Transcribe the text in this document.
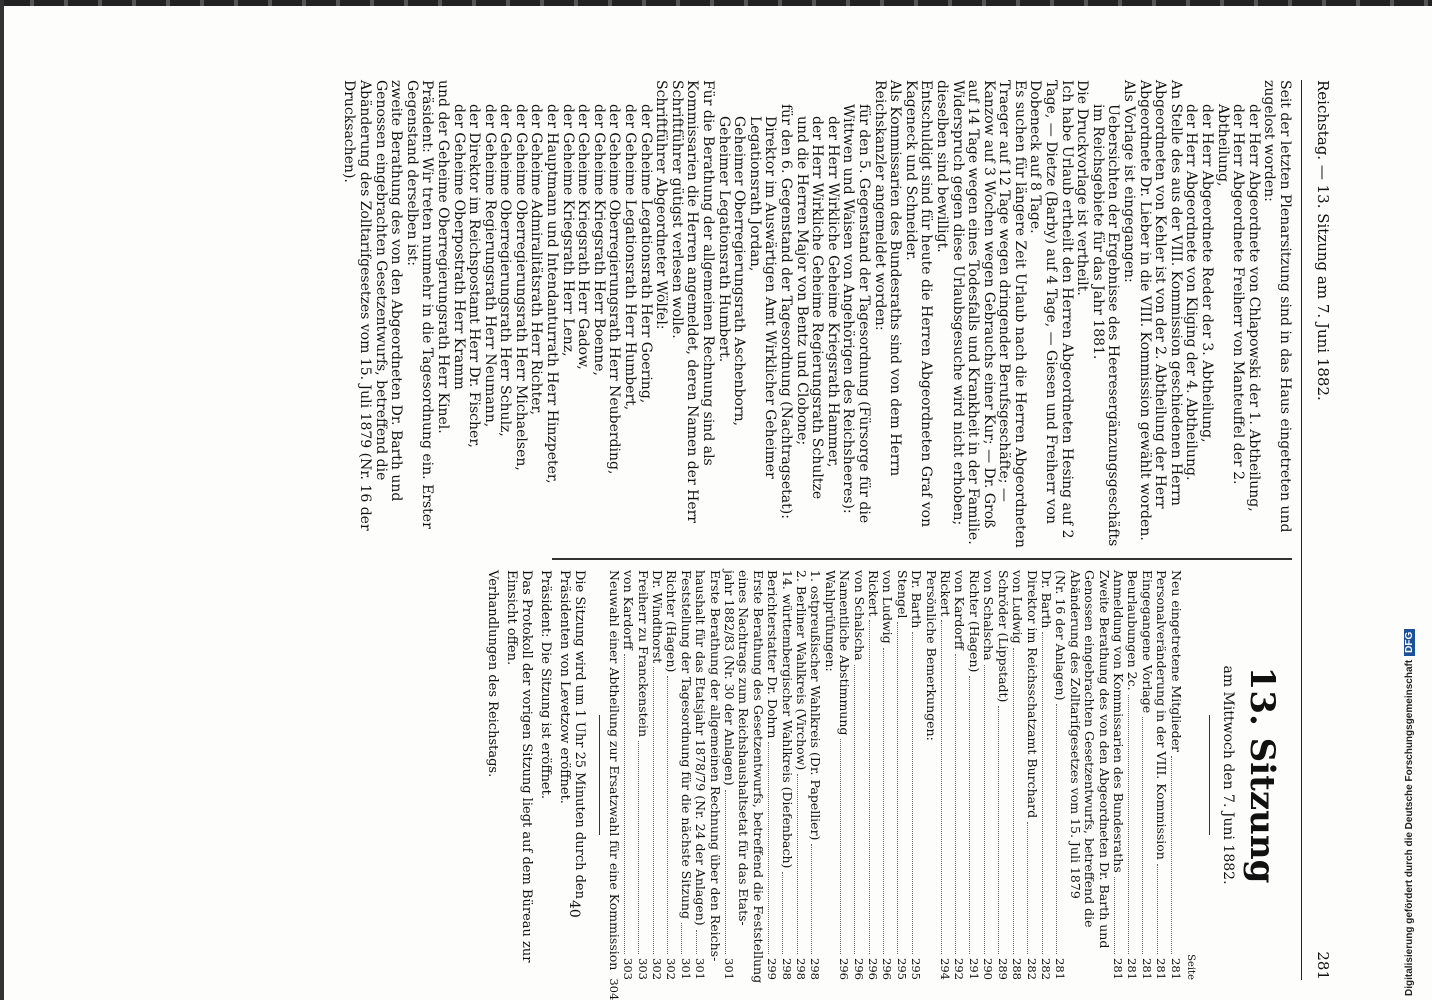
Reichstag. — 13. Sitzung am 7. Juni 1882.
281

Seit der letzten Plenarsitzung sind in das Haus eingetreten und zugelost worden:

der Herr Abgeordnete von Chlapowski der 1. Abtheilung,

der Herr Abgeordnete Freiherr von Manteuffel der 2. Abtheilung,

der Herr Abgeordnete Reder der 3. Abtheilung,

der Herr Abgeordnete von Kliging der 4. Abtheilung.

An Stelle des aus der VIII. Kommission geschiedenen Herrn Abgeordneten von Kehler ist von der 2. Abtheilung der Herr Abgeordnete Dr. Lieber in die VIII. Kommission gewählt worden.

Als Vorlage ist eingegangen:

Uebersichten der Ergebnisse des Heeresergänzungsgeschäfts im Reichsgebiete für das Jahr 1881.

Die Druckvorlage ist vertheilt.

Ich habe Urlaub ertheilt den Herren Abgeordneten Hesing auf 2 Tage, — Dietze (Barby) auf 4 Tage, — Giesen und Freiherr von Dobeneck auf 8 Tage.

Es suchen für längere Zeit Urlaub nach die Herren Abgeordneten Traeger auf 12 Tage wegen dringender Berufsgeschäfte; — Kanzow auf 3 Wochen wegen Gebrauchs einer Kur; — Dr. Groß auf 14 Tage wegen eines Todesfalls und Krankheit in der Familie. Widerspruch gegen diese Urlaubsgesuche wird nicht erhoben; dieselben sind bewilligt.

Entschuldigt sind für heute die Herren Abgeordneten Graf von Kageneck und Schneider.

Als Kommissarien des Bundesraths sind von dem Herrn Reichskanzler angemeldet worden:

für den 5. Gegenstand der Tagesordnung (Fürsorge für die Wittwen und Waisen von Angehörigen des Reichsheeres):

der Herr Wirkliche Geheime Kriegsrath Hammer,

der Herr Wirkliche Geheime Regierungsrath Schultze

und die Herren Major von Bentz und Clobone;

für den 6. Gegenstand der Tagesordnung (Nachtragsetat):

Direktor im Auswärtigen Amt Wirklicher Geheimer Legationsrath Jordan,

Geheimer Oberregierungsrath Aschenborn,

Geheimer Legationsrath Humbert.

Für die Berathung der allgemeinen Rechnung sind als Kommissarien die Herren angemeldet, deren Namen der Herr Schriftführer gütigst verlesen wolle.

Schriftführer Abgeordneter Wölfel:

der Geheime Legationsrath Herr Goering,

der Geheime Legationsrath Herr Humbert,

der Geheime Oberregierungsrath Herr Neuberding,

der Geheime Kriegsrath Herr Boenne,

der Geheime Kriegsrath Herr Gadow,

der Geheime Kriegsrath Herr Lenz,

der Hauptmann und Intendanturrath Herr Hinzpeter,

der Geheime Admiralitätsrath Herr Richter,

der Geheime Oberregierungsrath Herr Michaelsen,

der Geheime Oberregierungsrath Herr Schulz,

der Geheime Regierungsrath Herr Neumann,

der Direktor im Reichspostamt Herr Dr. Fischer,

der Geheime Oberpostrath Herr Kramm

und der Geheime Oberregierungsrath Herr Kinel.

Präsident: Wir treten nunmehr in die Tagesordnung ein. Erster Gegenstand derselben ist:

zweite Berathung des von den Abgeordneten Dr. Barth und Genossen eingebrachten Gesetzentwurfs, betreffend die Abänderung des Zolltarifgesetzes vom 15. Juli 1879 (Nr. 16 der Drucksachen).

13. Sitzung
am Mittwoch den 7. Juni 1882.
Seite
Neu eingetretene Mitglieder
281
Personalveränderung in der VIII. Kommission
281
Eingegangene Vorlage
281
Beurlaubungen 2c.
281
Anmeldung von Kommissarien des Bundesraths
281
Zweite Berathung des von den Abgeordneten Dr. Barth und
Genossen eingebrachten Gesetzentwurfs, betreffend die
Abänderung des Zolltarifgesetzes vom 15. Juli 1879
(Nr. 16 der Anlagen)
281
Dr. Barth
282
Direktor im Reichsschatzamt Burchard
282
von Ludwig
288
Schröder (Lippstadt)
289
von Schalscha
290
Richter (Hagen)
291
von Kardorff
292
Rickert
294
Persönliche Bemerkungen:
Dr. Barth
295
Stengel
295
von Ludwig
296
Rickert
296
von Schalscha
296
Namentliche Abstimmung
296
Wahlprüfungen:
1. ostpreußischer Wahlkreis (Dr. Papellier)
298
2. Berliner Wahlkreis (Virchow)
298
14. württembergischer Wahlkreis (Diefenbach)
298
Berichterstatter Dr. Dohrn
299
Erste Berathung des Gesetzentwurfs, betreffend die Feststellung
eines Nachtrags zum Reichshaushaltsetat für das Etats-
jahr 1882/83 (Nr. 30 der Anlagen)
301
Erste Berathung der allgemeinen Rechnung über den Reichs-
haushalt für das Etatsjahr 1878/79 (Nr. 24 der Anlagen)
301
Feststellung der Tagesordnung für die nächste Sitzung
301
Richter (Hagen)
302
Dr. Windthorst
302
Freiherr zu Franckenstein
303
von Kardorff
303
Neuwahl einer Abtheilung zur Ersatzwahl für eine Kommission
304

Die Sitzung wird um 1 Uhr 25 Minuten durch den Präsidenten von Levetzow eröffnet.

Präsident: Die Sitzung ist eröffnet.

Das Protokoll der vorigen Sitzung liegt auf dem Büreau zur Einsicht offen.

Verhandlungen des Reichstags.

40	Digitalisierung gefördert durch die Deutsche ForschungsgemeinschaftDFG
